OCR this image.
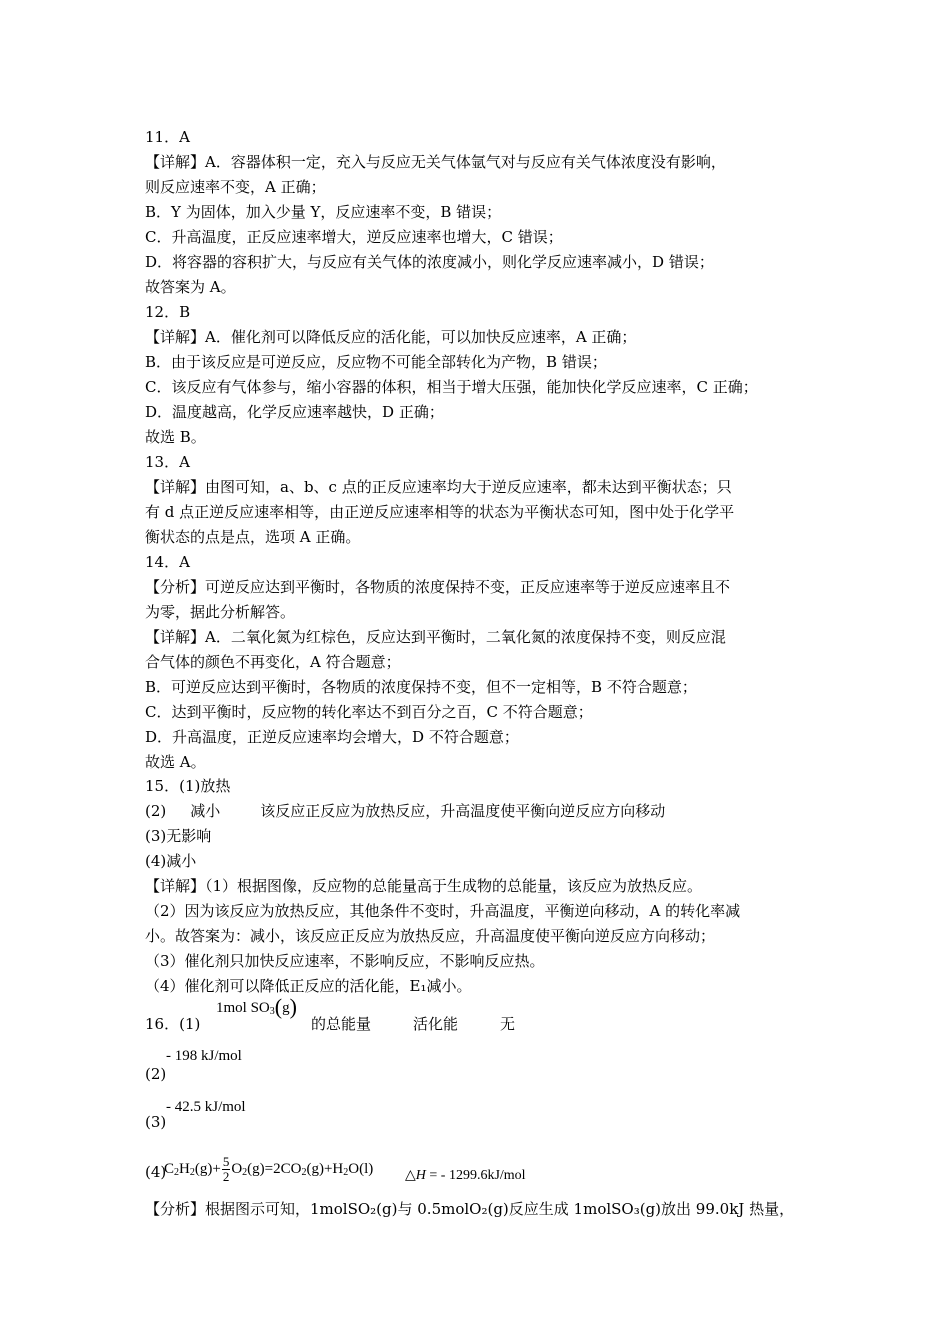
11．A
【详解】A．容器体积一定，充入与反应无关气体氩气对与反应有关气体浓度没有影响，
则反应速率不变，A 正确；
B．Y 为固体，加入少量 Y，反应速率不变，B 错误；
C．升高温度，正反应速率增大，逆反应速率也增大，C 错误；
D．将容器的容积扩大，与反应有关气体的浓度减小，则化学反应速率减小，D 错误；
故答案为 A。
12．B
【详解】A．催化剂可以降低反应的活化能，可以加快反应速率，A 正确；
B．由于该反应是可逆反应，反应物不可能全部转化为产物，B 错误；
C．该反应有气体参与，缩小容器的体积，相当于增大压强，能加快化学反应速率，C 正确；
D．温度越高，化学反应速率越快，D 正确；
故选 B。
13．A
【详解】由图可知，a、b、c 点的正反应速率均大于逆反应速率，都未达到平衡状态；只
有 d 点正逆反应速率相等，由正逆反应速率相等的状态为平衡状态可知，图中处于化学平
衡状态的点是点，选项 A 正确。
14．A
【分析】可逆反应达到平衡时，各物质的浓度保持不变，正反应速率等于逆反应速率且不
为零，据此分析解答。
【详解】A．二氧化氮为红棕色，反应达到平衡时，二氧化氮的浓度保持不变，则反应混
合气体的颜色不再变化，A 符合题意；
B．可逆反应达到平衡时，各物质的浓度保持不变，但不一定相等，B 不符合题意；
C．达到平衡时，反应物的转化率达不到百分之百，C 不符合题意；
D．升高温度，正逆反应速率均会增大，D 不符合题意；
故选 A。
15．(1)放热
(2) 减小	该反应正反应为放热反应，升高温度使平衡向逆反应方向移动
(3)无影响
(4)减小
【详解】（1）根据图像，反应物的总能量高于生成物的总能量，该反应为放热反应。
（2）因为该反应为放热反应，其他条件不变时，升高温度，平衡逆向移动，A 的转化率减
小。故答案为：减小，该反应正反应为放热反应，升高温度使平衡向逆反应方向移动；
（3）催化剂只加快反应速率，不影响反应，不影响反应热。
（4）催化剂可以降低正反应的活化能，E₁减小。
16．(1)
1mol $SO_3(g)$
的总能量	活化能	无
- 198 kJ/mol
(2)
- 42.5 kJ/mol
(3)
(4)
$C_2H_2(g)+ \frac{5}{2} O_2(g)=2CO_2(g)+H_2O(l)$ △H = - 1299.6kJ/mol
【分析】根据图示可知，1molSO₂(g)与 0.5molO₂(g)反应生成 1molSO₃(g)放出 99.0kJ 热量，
